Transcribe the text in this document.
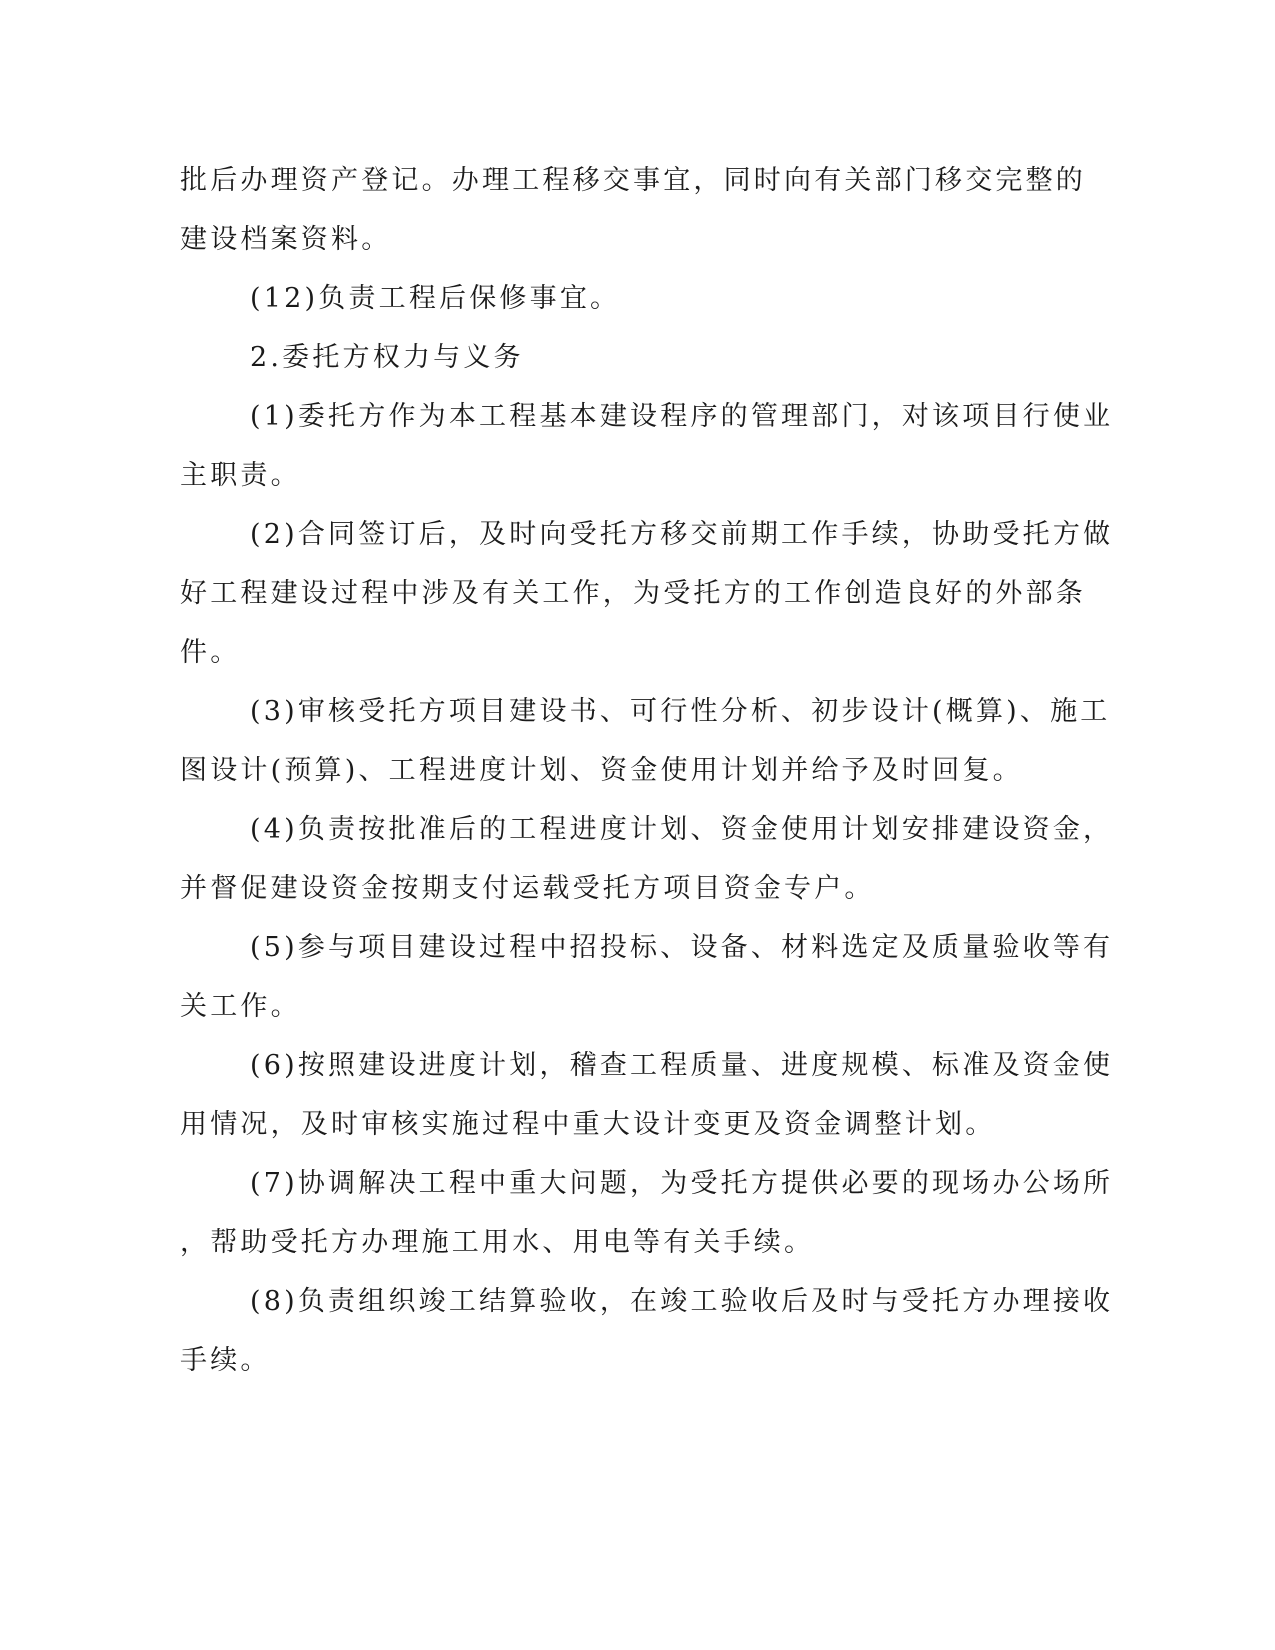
批后办理资产登记。办理工程移交事宜，同时向有关部门移交完整的

建设档案资料。

(12)负责工程后保修事宜。

2.委托方权力与义务

(1)委托方作为本工程基本建设程序的管理部门，对该项目行使业

主职责。

(2)合同签订后，及时向受托方移交前期工作手续，协助受托方做

好工程建设过程中涉及有关工作，为受托方的工作创造良好的外部条

件。

(3)审核受托方项目建设书、可行性分析、初步设计(概算)、施工

图设计(预算)、工程进度计划、资金使用计划并给予及时回复。

(4)负责按批准后的工程进度计划、资金使用计划安排建设资金，

并督促建设资金按期支付运载受托方项目资金专户。

(5)参与项目建设过程中招投标、设备、材料选定及质量验收等有

关工作。

(6)按照建设进度计划，稽查工程质量、进度规模、标准及资金使

用情况，及时审核实施过程中重大设计变更及资金调整计划。

(7)协调解决工程中重大问题，为受托方提供必要的现场办公场所

，帮助受托方办理施工用水、用电等有关手续。

(8)负责组织竣工结算验收，在竣工验收后及时与受托方办理接收

手续。
